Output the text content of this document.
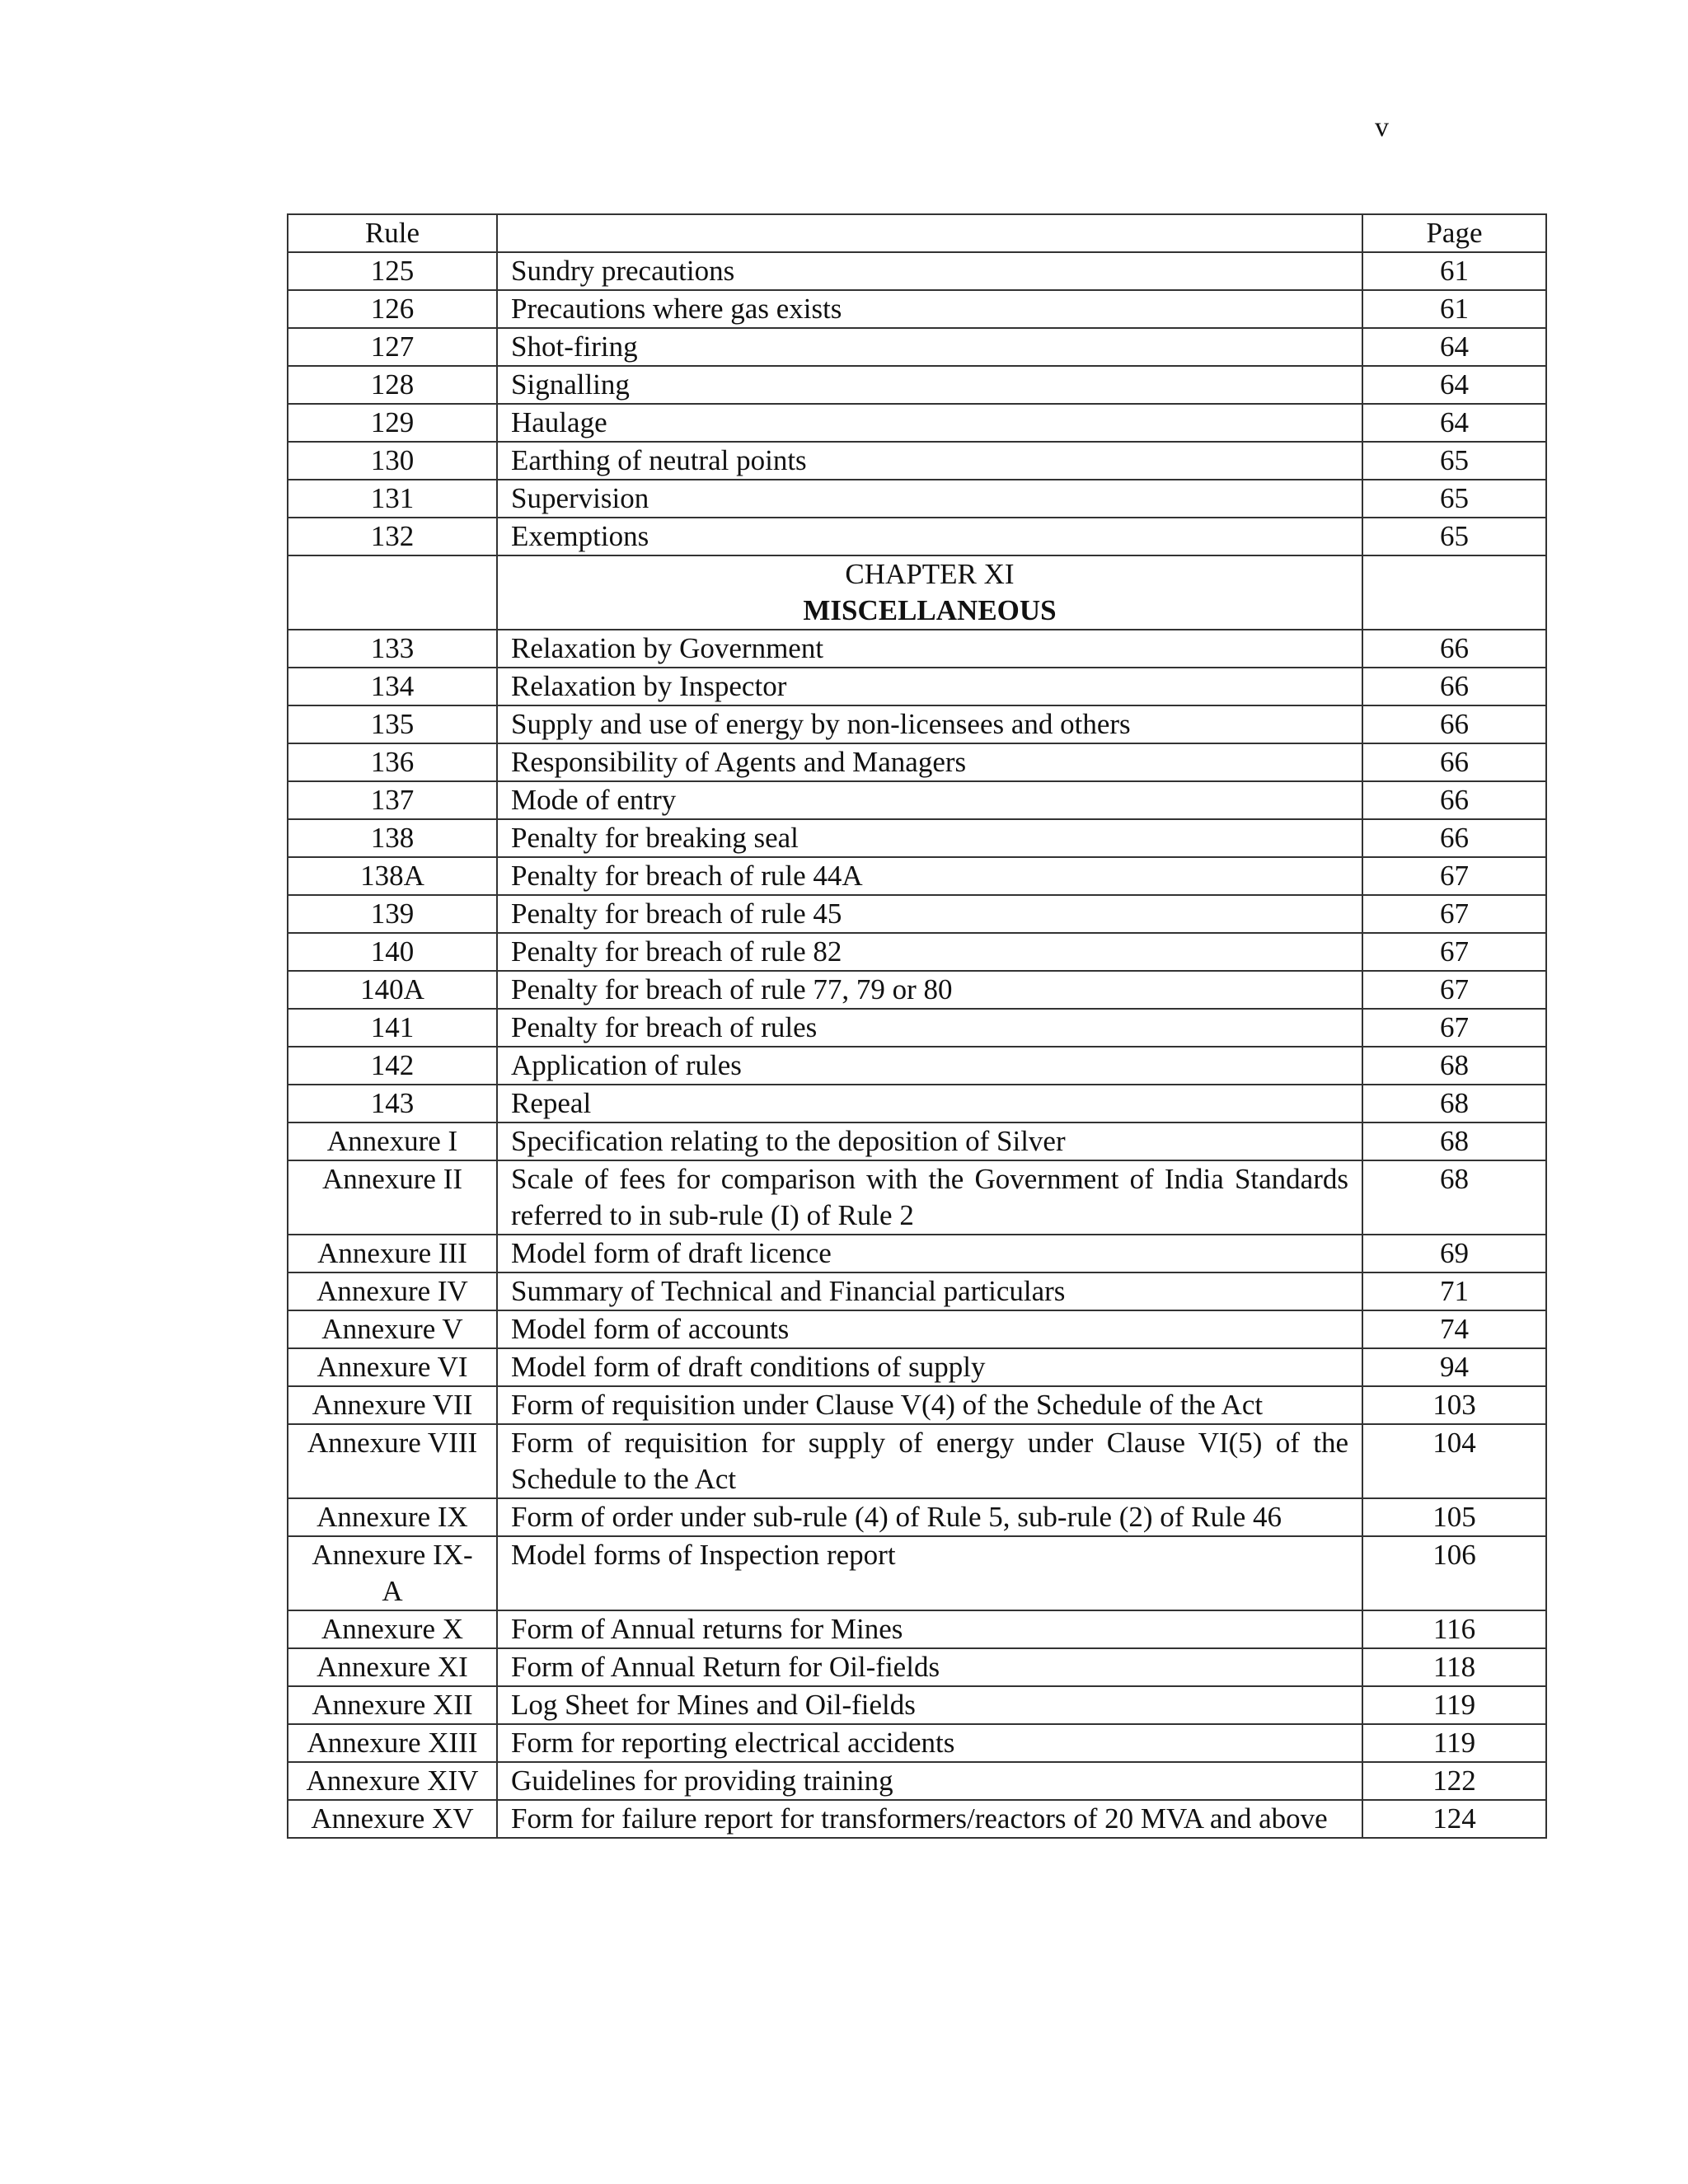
v
Rule		Page
125	Sundry precautions	61
126	Precautions where gas exists	61
127	Shot-firing	64
128	Signalling	64
129	Haulage	64
130	Earthing of neutral points	65
131	Supervision	65
132	Exemptions	65

	CHAPTER XI
MISCELLANEOUS	

133	Relaxation by Government	66
134	Relaxation by Inspector	66
135	Supply and use of energy by non-licensees and others	66
136	Responsibility of Agents and Managers	66
137	Mode of entry	66
138	Penalty for breaking seal	66
138A	Penalty for breach of rule 44A	67
139	Penalty for breach of rule 45	67
140	Penalty for breach of rule 82	67
140A	Penalty for breach of rule 77, 79 or 80	67
141	Penalty for breach of rules	67
142	Application of rules	68
143	Repeal	68
Annexure I	Specification relating to the deposition of Silver	68
Annexure II	Scale of fees for comparison with the Government of India Standards referred to in sub-rule (I) of Rule 2	68
Annexure III	Model form of draft licence	69
Annexure IV	Summary of Technical and Financial particulars	71
Annexure V	Model form of accounts	74
Annexure VI	Model form of draft conditions of supply	94
Annexure VII	Form of requisition under Clause V(4) of the Schedule of the Act	103
Annexure VIII	Form of requisition for supply of energy under Clause VI(5) of the Schedule to the Act	104
Annexure IX	Form of order under sub-rule (4) of Rule 5, sub-rule (2) of Rule 46	105
Annexure IX-A	Model forms of Inspection report	106
Annexure X	Form of Annual returns for Mines	116
Annexure XI	Form of Annual Return for Oil-fields	118
Annexure XII	Log Sheet for Mines and Oil-fields	119
Annexure XIII	Form for reporting electrical accidents	119
Annexure XIV	Guidelines for providing training	122
Annexure XV	Form for failure report for transformers/reactors of 20 MVA and above	124
